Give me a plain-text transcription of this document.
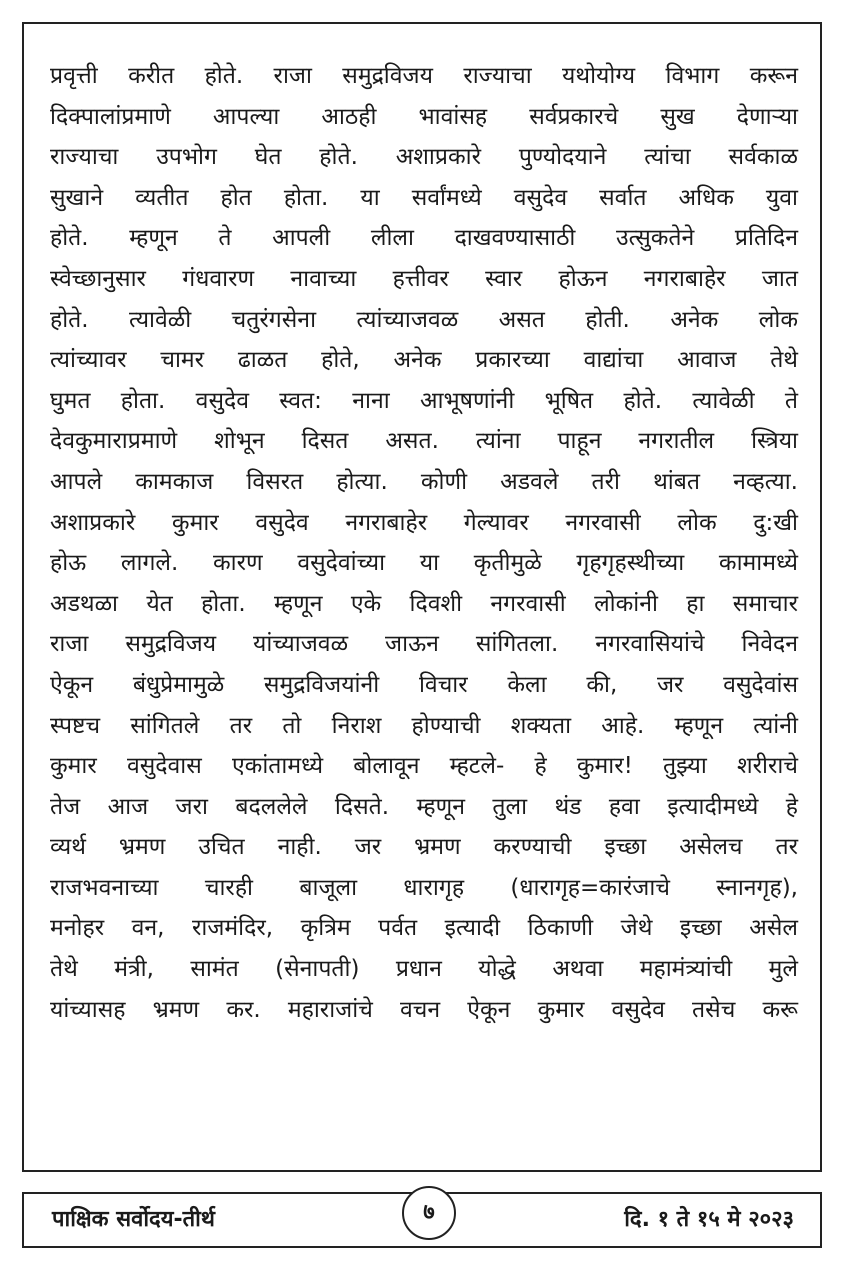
प्रवृत्ती करीत होते. राजा समुद्रविजय राज्याचा यथोयोग्य विभाग करून
दिक्पालांप्रमाणे आपल्या आठही भावांसह सर्वप्रकारचे सुख देणाऱ्या
राज्याचा उपभोग घेत होते. अशाप्रकारे पुण्योदयाने त्यांचा सर्वकाळ
सुखाने व्यतीत होत होता. या सर्वांमध्ये वसुदेव सर्वात अधिक युवा
होते. म्हणून ते आपली लीला दाखवण्यासाठी उत्सुकतेने प्रतिदिन
स्वेच्छानुसार गंधवारण नावाच्या हत्तीवर स्वार होऊन नगराबाहेर जात
होते. त्यावेळी चतुरंगसेना त्यांच्याजवळ असत होती. अनेक लोक
त्यांच्यावर चामर ढाळत होते, अनेक प्रकारच्या वाद्यांचा आवाज तेथे
घुमत होता. वसुदेव स्वत: नाना आभूषणांनी भूषित होते. त्यावेळी ते
देवकुमाराप्रमाणे शोभून दिसत असत. त्यांना पाहून नगरातील स्त्रिया
आपले कामकाज विसरत होत्या. कोणी अडवले तरी थांबत नव्हत्या.
अशाप्रकारे कुमार वसुदेव नगराबाहेर गेल्यावर नगरवासी लोक दु:खी
होऊ लागले. कारण वसुदेवांच्या या कृतीमुळे गृहगृहस्थीच्या कामामध्ये
अडथळा येत होता. म्हणून एके दिवशी नगरवासी लोकांनी हा समाचार
राजा समुद्रविजय यांच्याजवळ जाऊन सांगितला. नगरवासियांचे निवेदन
ऐकून बंधुप्रेमामुळे समुद्रविजयांनी विचार केला की, जर वसुदेवांस
स्पष्टच सांगितले तर तो निराश होण्याची शक्यता आहे. म्हणून त्यांनी
कुमार वसुदेवास एकांतामध्ये बोलावून म्हटले- हे कुमार! तुझ्या शरीराचे
तेज आज जरा बदललेले दिसते. म्हणून तुला थंड हवा इत्यादीमध्ये हे
व्यर्थ भ्रमण उचित नाही. जर भ्रमण करण्याची इच्छा असेलच तर
राजभवनाच्या चारही बाजूला धारागृह (धारागृह=कारंजाचे स्नानगृह),
मनोहर वन, राजमंदिर, कृत्रिम पर्वत इत्यादी ठिकाणी जेथे इच्छा असेल
तेथे मंत्री, सामंत (सेनापती) प्रधान योद्धे अथवा महामंत्र्यांची मुले
यांच्यासह भ्रमण कर. महाराजांचे वचन ऐकून कुमार वसुदेव तसेच करू
पाक्षिक सर्वोदय-तीर्थ	७	दि. १ ते १५ मे २०२३
